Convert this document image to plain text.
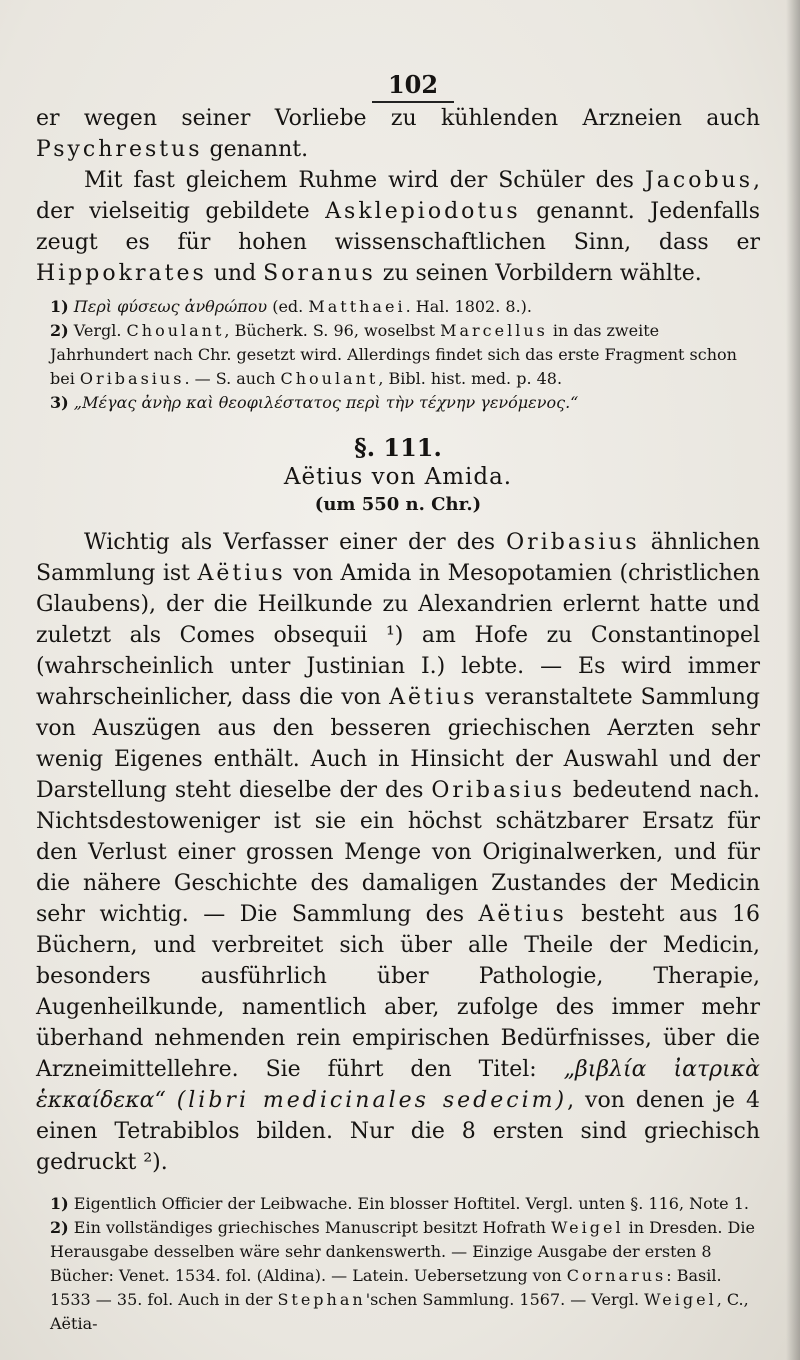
102

er wegen seiner Vorliebe zu kühlenden Arzneien auch Psychrestus genannt.

Mit fast gleichem Ruhme wird der Schüler des Jacobus, der vielseitig gebildete Asklepiodotus genannt. Jedenfalls zeugt es für hohen wissenschaftlichen Sinn, dass er Hippokrates und Soranus zu seinen Vorbildern wählte.

1) Περὶ φύσεως ἀνθρώπου (ed. Matthaei. Hal. 1802. 8.).

2) Vergl. Choulant, Bücherk. S. 96, woselbst Marcellus in das zweite Jahrhundert nach Chr. gesetzt wird. Allerdings findet sich das erste Fragment schon bei Oribasius. — S. auch Choulant, Bibl. hist. med. p. 48.

3) „Μέγας ἀνὴρ καὶ θεοφιλέστατος περὶ τὴν τέχνην γενόμενος.“

§. 111.
Aëtius von Amida.
(um 550 n. Chr.)

Wichtig als Verfasser einer der des Oribasius ähnlichen Sammlung ist Aëtius von Amida in Mesopotamien (christlichen Glaubens), der die Heilkunde zu Alexandrien erlernt hatte und zuletzt als Comes obsequii ¹) am Hofe zu Constantinopel (wahrscheinlich unter Justinian I.) lebte. — Es wird immer wahrscheinlicher, dass die von Aëtius veranstaltete Sammlung von Auszügen aus den besseren griechischen Aerzten sehr wenig Eigenes enthält. Auch in Hinsicht der Auswahl und der Darstellung steht dieselbe der des Oribasius bedeutend nach. Nichtsdestoweniger ist sie ein höchst schätzbarer Ersatz für den Verlust einer grossen Menge von Originalwerken, und für die nähere Geschichte des damaligen Zustandes der Medicin sehr wichtig. — Die Sammlung des Aëtius besteht aus 16 Büchern, und verbreitet sich über alle Theile der Medicin, besonders ausführlich über Pathologie, Therapie, Augenheilkunde, namentlich aber, zufolge des immer mehr überhand nehmenden rein empirischen Bedürfnisses, über die Arzneimittellehre. Sie führt den Titel: „βιβλία ἰατρικὰ ἑκκαίδεκα“ (libri medicinales sedecim), von denen je 4 einen Tetrabiblos bilden. Nur die 8 ersten sind griechisch gedruckt ²).

1) Eigentlich Officier der Leibwache. Ein blosser Hoftitel. Vergl. unten §. 116, Note 1.

2) Ein vollständiges griechisches Manuscript besitzt Hofrath Weigel in Dresden. Die Herausgabe desselben wäre sehr dankenswerth. — Einzige Ausgabe der ersten 8 Bücher: Venet. 1534. fol. (Aldina). — Latein. Uebersetzung von Cornarus: Basil. 1533 — 35. fol. Auch in der Stephan'schen Sammlung. 1567. — Vergl. Weigel, C., Aëtia-
